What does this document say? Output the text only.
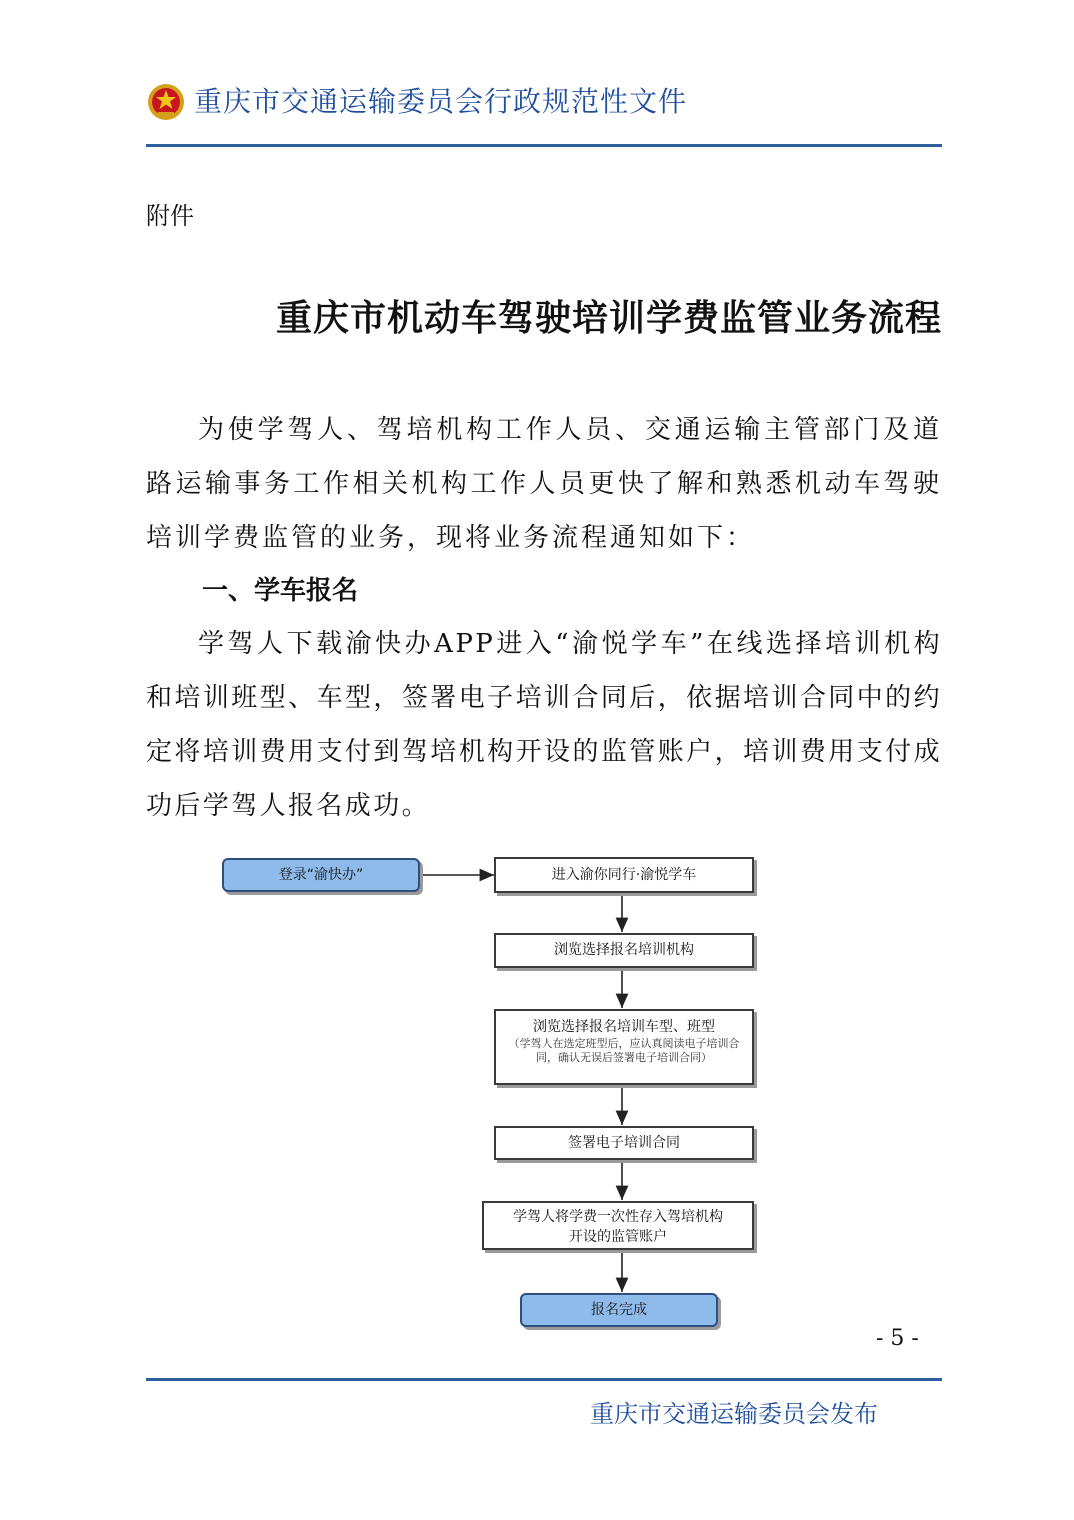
重庆市交通运输委员会行政规范性文件
附件
重庆市机动车驾驶培训学费监管业务流程

为使学驾人、驾培机构工作人员、交通运输主管部门及道路运输事务工作相关机构工作人员更快了解和熟悉机动车驾驶培训学费监管的业务，现将业务流程通知如下：

一、学车报名

学驾人下载渝快办APP进入“渝悦学车”在线选择培训机构和培训班型、车型，签署电子培训合同后，依据培训合同中的约定将培训费用支付到驾培机构开设的监管账户，培训费用支付成功后学驾人报名成功。

登录“渝快办”	进入渝你同行·渝悦学车
浏览选择报名培训机构
浏览选择报名培训车型、班型
（学驾人在选定班型后，应认真阅读电子培训合同，确认无误后签署电子培训合同）
签署电子培训合同
学驾人将学费一次性存入驾培机构开设的监管账户
报名完成
- 5 -
重庆市交通运输委员会发布
